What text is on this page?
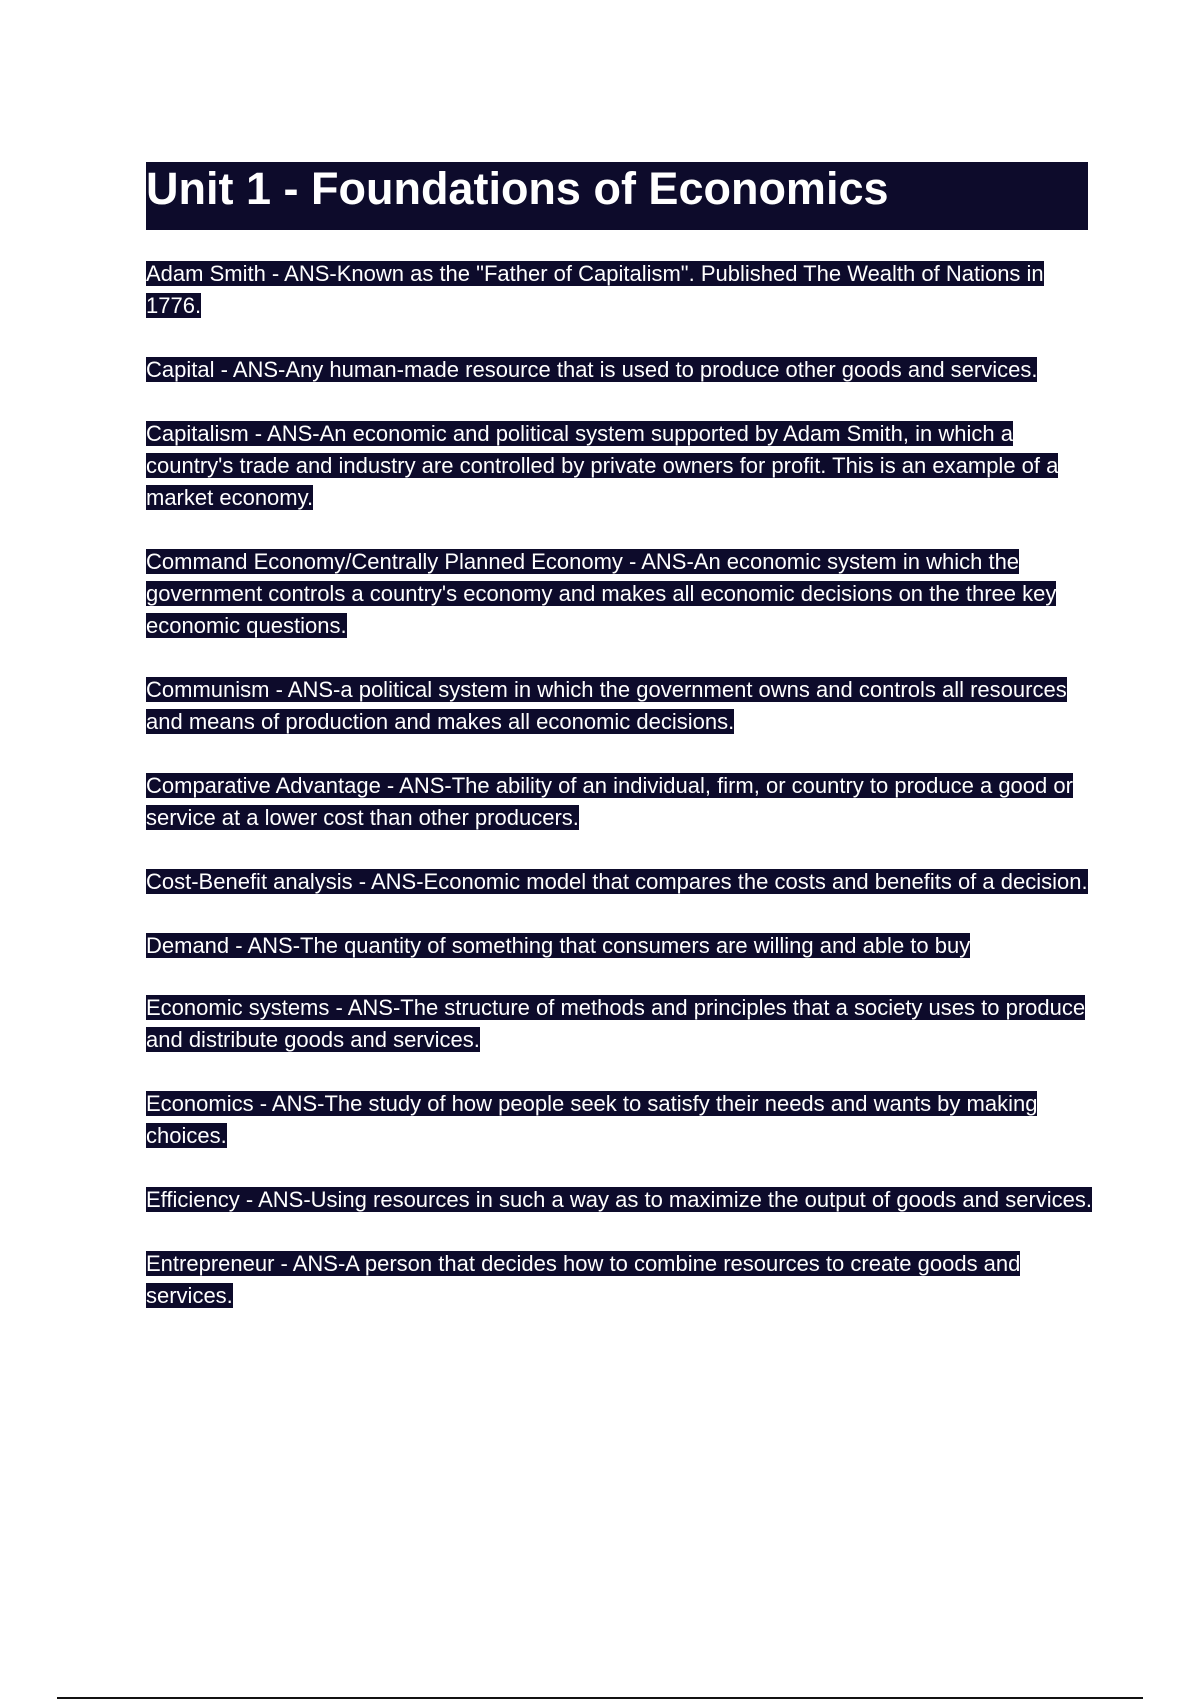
Unit 1 - Foundations of Economics

Adam Smith - ANS-Known as the "Father of Capitalism". Published The Wealth of Nations in 1776.

Capital - ANS-Any human-made resource that is used to produce other goods and services.

Capitalism - ANS-An economic and political system supported by Adam Smith, in which a country's trade and industry are controlled by private owners for profit. This is an example of a market economy.

Command Economy/Centrally Planned Economy - ANS-An economic system in which the government controls a country's economy and makes all economic decisions on the three key economic questions.

Communism - ANS-a political system in which the government owns and controls all resources and means of production and makes all economic decisions.

Comparative Advantage - ANS-The ability of an individual, firm, or country to produce a good or service at a lower cost than other producers.

Cost-Benefit analysis - ANS-Economic model that compares the costs and benefits of a decision.

Demand - ANS-The quantity of something that consumers are willing and able to buy

Economic systems - ANS-The structure of methods and principles that a society uses to produce and distribute goods and services.

Economics - ANS-The study of how people seek to satisfy their needs and wants by making choices.

Efficiency - ANS-Using resources in such a way as to maximize the output of goods and services.

Entrepreneur - ANS-A person that decides how to combine resources to create goods and services.
